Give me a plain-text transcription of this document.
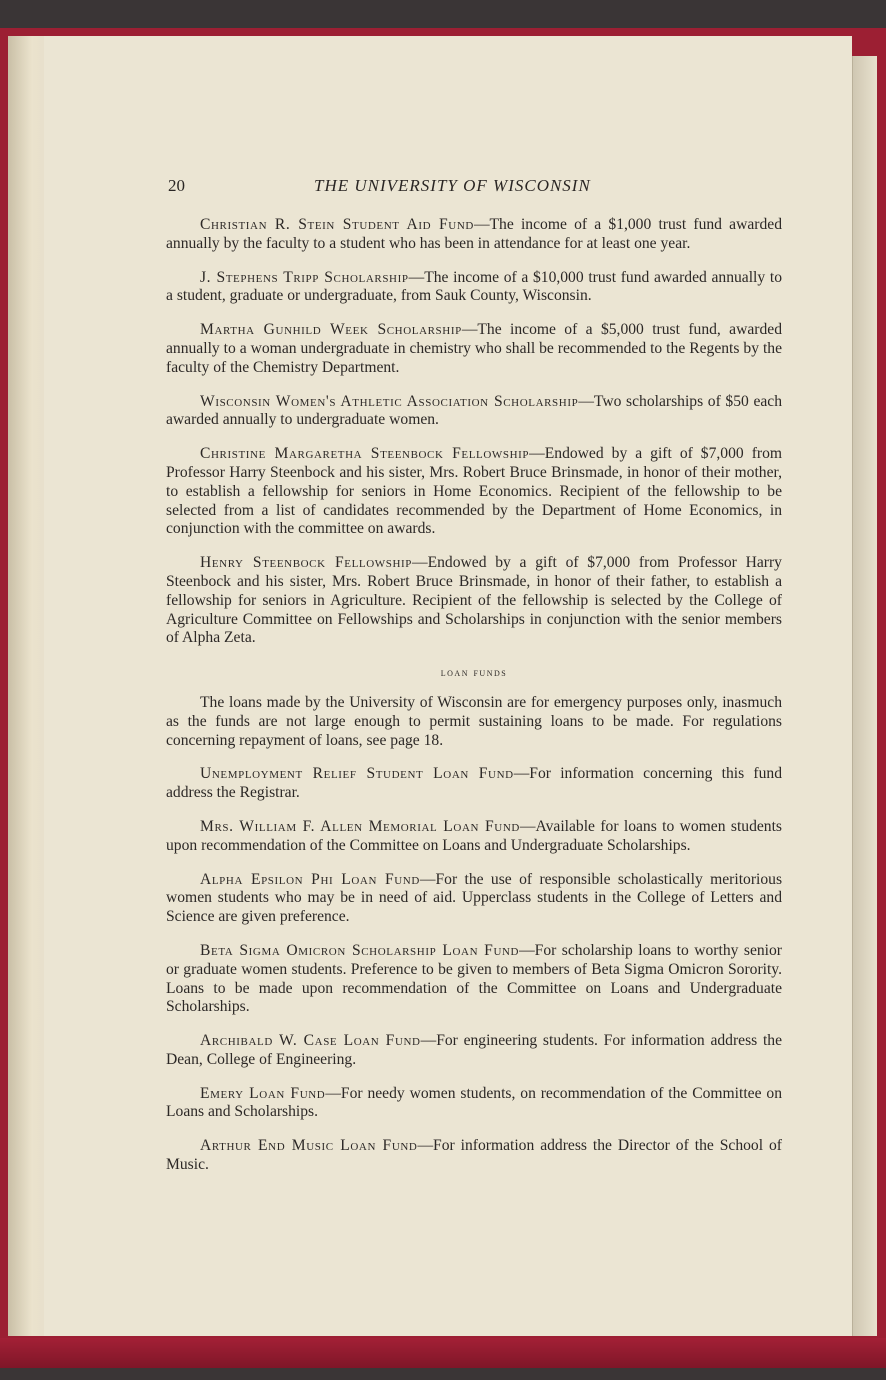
20	THE UNIVERSITY OF WISCONSIN

Christian R. Stein Student Aid Fund—The income of a $1,000 trust fund awarded annually by the faculty to a student who has been in attendance for at least one year.

J. Stephens Tripp Scholarship—The income of a $10,000 trust fund awarded annually to a student, graduate or undergraduate, from Sauk County, Wisconsin.

Martha Gunhild Week Scholarship—The income of a $5,000 trust fund, awarded annually to a woman undergraduate in chemistry who shall be recommended to the Regents by the faculty of the Chemistry Department.

Wisconsin Women's Athletic Association Scholarship—Two scholarships of $50 each awarded annually to undergraduate women.

Christine Margaretha Steenbock Fellowship—Endowed by a gift of $7,000 from Professor Harry Steenbock and his sister, Mrs. Robert Bruce Brinsmade, in honor of their mother, to establish a fellowship for seniors in Home Economics. Recipient of the fellowship to be selected from a list of candidates recommended by the Department of Home Economics, in conjunction with the committee on awards.

Henry Steenbock Fellowship—Endowed by a gift of $7,000 from Professor Harry Steenbock and his sister, Mrs. Robert Bruce Brinsmade, in honor of their father, to establish a fellowship for seniors in Agriculture. Recipient of the fellowship is selected by the College of Agriculture Committee on Fellowships and Scholarships in conjunction with the senior members of Alpha Zeta.

loan funds

The loans made by the University of Wisconsin are for emergency purposes only, inasmuch as the funds are not large enough to permit sustaining loans to be made. For regulations concerning repayment of loans, see page 18.

Unemployment Relief Student Loan Fund—For information concerning this fund address the Registrar.

Mrs. William F. Allen Memorial Loan Fund—Available for loans to women students upon recommendation of the Committee on Loans and Undergraduate Scholarships.

Alpha Epsilon Phi Loan Fund—For the use of responsible scholastically meritorious women students who may be in need of aid. Upperclass students in the College of Letters and Science are given preference.

Beta Sigma Omicron Scholarship Loan Fund—For scholarship loans to worthy senior or graduate women students. Preference to be given to members of Beta Sigma Omicron Sorority. Loans to be made upon recommendation of the Committee on Loans and Undergraduate Scholarships.

Archibald W. Case Loan Fund—For engineering students. For information address the Dean, College of Engineering.

Emery Loan Fund—For needy women students, on recommendation of the Committee on Loans and Scholarships.

Arthur End Music Loan Fund—For information address the Director of the School of Music.
